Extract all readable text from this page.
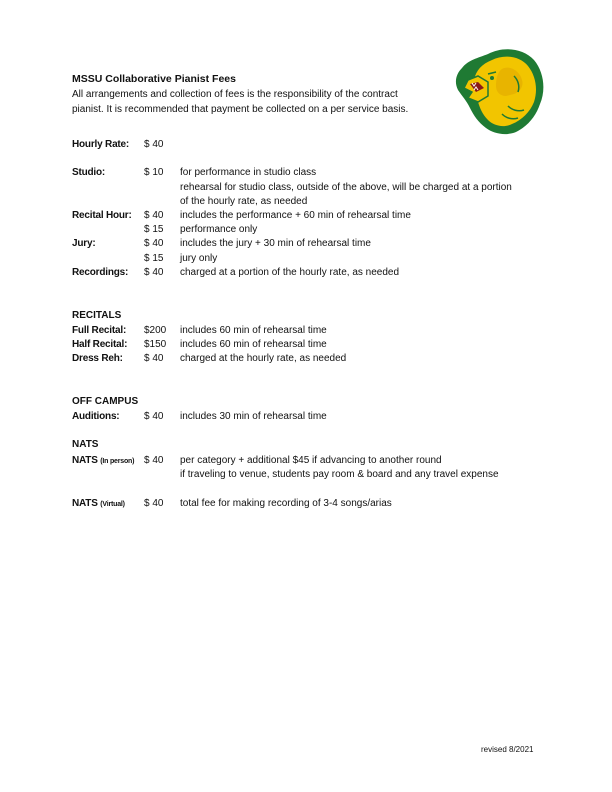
MSSU Collaborative Pianist Fees
All arrangements and collection of fees is the responsibility of the contract
pianist. It is recommended that payment be collected on a per service basis.
Hourly Rate: $ 40
Studio:	$ 10 for performance in studio class
rehearsal for studio class, outside of the above, will be charged at a portion
of the hourly rate, as needed
Recital Hour: $ 40 includes the performance + 60 min of rehearsal time
$ 15 performance only
Jury:	$ 40 includes the jury + 30 min of rehearsal time
$ 15 jury only
Recordings: $ 40 charged at a portion of the hourly rate, as needed
RECITALS
Full Recital: $200 includes 60 min of rehearsal time
Half Recital: $150 includes 60 min of rehearsal time
Dress Reh: $ 40 charged at the hourly rate, as needed
OFF CAMPUS
Auditions: $ 40 includes 30 min of rehearsal time
NATS
NATS (In person) $ 40 per category + additional $45 if advancing to another round
if traveling to venue, students pay room & board and any travel expense
NATS (Virtual) $ 40 total fee for making recording of 3-4 songs/arias
revised 8/2021
